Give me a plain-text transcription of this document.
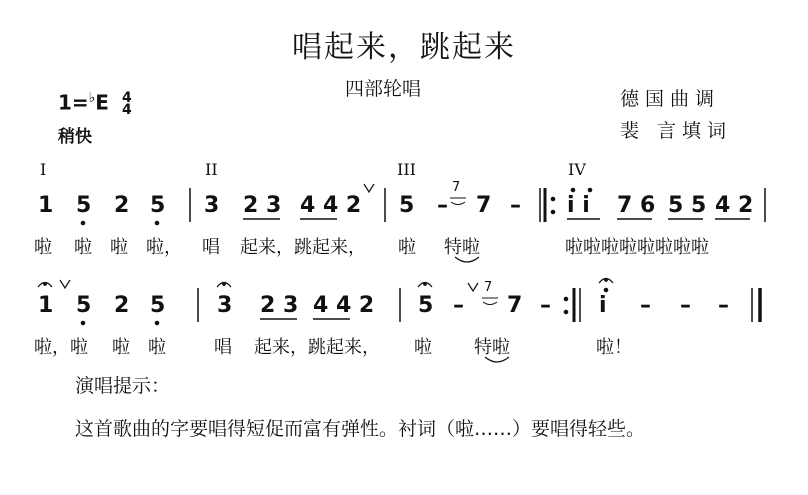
唱起来，跳起来
四部轮唱
1=♭E 4
4
稍快
德国曲调
裴 言填词
I	II	III	IV
1 5 2 5 3 2 3 4 4 2 5 –
7
7 – i i 7 6 5 5 4 2
啦 啦 啦 啦， 唱 起来，跳起来， 啦 特啦	啦啦啦啦啦啦啦啦
1 5 2 5 3 2 3 4 4 2 5 –
7
7 – i – – –
啦，啦 啦 啦	唱 起来，跳起来， 啦 特啦	啦！
演唱提示：
这首歌曲的字要唱得短促而富有弹性。衬词（啦……）要唱得轻些。
